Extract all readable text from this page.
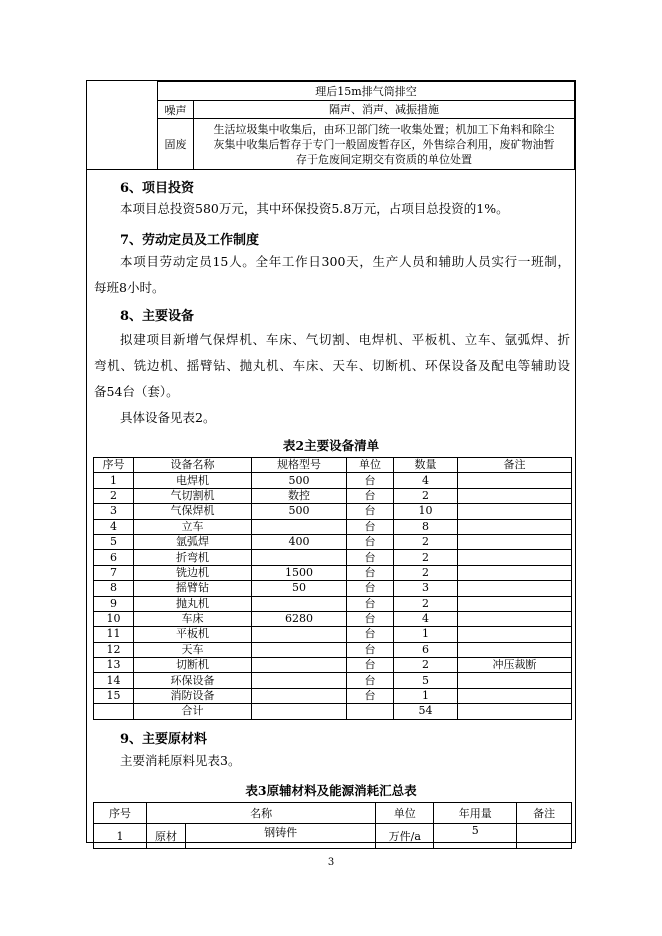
	理后15m排气筒排空	
	噪声	隔声、消声、减振措施
	固废	生活垃圾集中收集后，由环卫部门统一收集处置；机加工下角料和除尘
灰集中收集后暂存于专门一般固废暂存区，外售综合利用，废矿物油暂
存于危废间定期交有资质的单位处置
6、项目投资
本项目总投资580万元，其中环保投资5.8万元，占项目总投资的1%。
7、劳动定员及工作制度
本项目劳动定员15人。全年工作日300天，生产人员和辅助人员实行一班制，
每班8小时。
8、主要设备
拟建项目新增气保焊机、车床、气切割、电焊机、平板机、立车、氩弧焊、折
弯机、铣边机、摇臂钻、抛丸机、车床、天车、切断机、环保设备及配电等辅助设
备54台（套）。
具体设备见表2。
表2主要设备清单
序号	设备名称	规格型号	单位	数量	备注
1	电焊机	500	台	4	
2	气切割机	数控	台	2	
3	气保焊机	500	台	10	
4	立车		台	8	
5	氩弧焊	400	台	2	
6	折弯机		台	2	
7	铣边机	1500	台	2	
8	摇臂钻	50	台	3	
9	抛丸机		台	2	
10	车床	6280	台	4	
11	平板机		台	1	
12	天车		台	6	
13	切断机		台	2	冲压裁断
14	环保设备		台	5	
15	消防设备		台	1	
	合计			54	
9、主要原材料
主要消耗原料见表3。
表3原辅材料及能源消耗汇总表
序号	名称		单位	年用量	备注
1	原材	钢铸件	万件/a	5	
3
